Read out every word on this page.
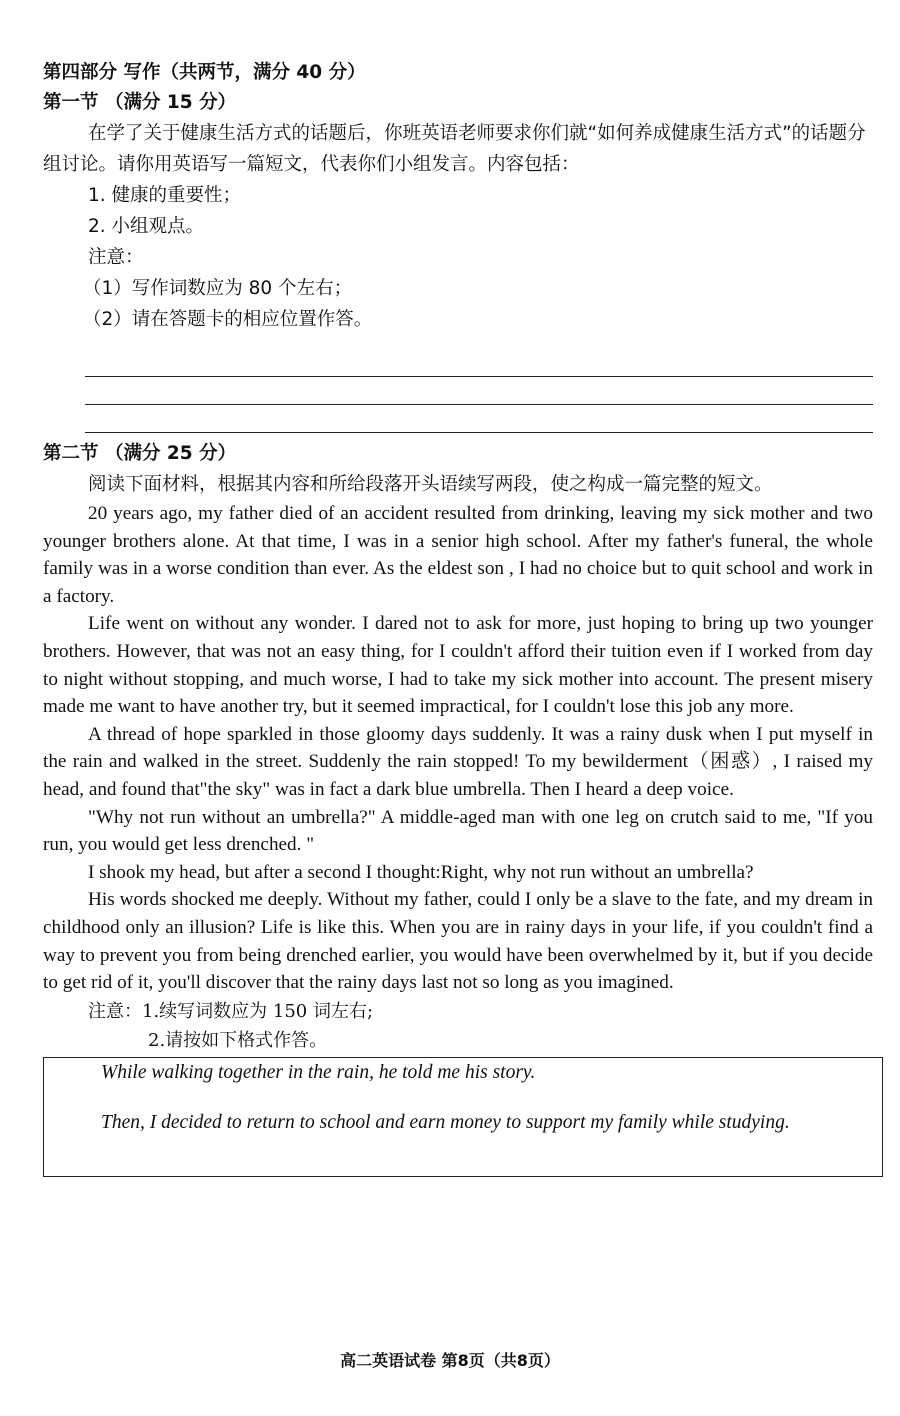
第四部分 写作（共两节，满分 40 分）
第一节 （满分 15 分）
在学了关于健康生活方式的话题后，你班英语老师要求你们就“如何养成健康生活方式”的话题分组讨论。请你用英语写一篇短文，代表你们小组发言。内容包括：
1. 健康的重要性；
2. 小组观点。
注意：
（1）写作词数应为 80 个左右；
（2）请在答题卡的相应位置作答。
第二节 （满分 25 分）
阅读下面材料，根据其内容和所给段落开头语续写两段，使之构成一篇完整的短文。
20 years ago, my father died of an accident resulted from drinking, leaving my sick mother and two younger brothers alone. At that time, I was in a senior high school. After my father's funeral, the whole family was in a worse condition than ever. As the eldest son , I had no choice but to quit school and work in a factory.
Life went on without any wonder. I dared not to ask for more, just hoping to bring up two younger brothers. However, that was not an easy thing, for I couldn't afford their tuition even if I worked from day to night without stopping, and much worse, I had to take my sick mother into account. The present misery made me want to have another try, but it seemed impractical, for I couldn't lose this job any more.
A thread of hope sparkled in those gloomy days suddenly. It was a rainy dusk when I put myself in the rain and walked in the street. Suddenly the rain stopped! To my bewilderment（困惑）, I raised my head, and found that"the sky" was in fact a dark blue umbrella. Then I heard a deep voice.
"Why not run without an umbrella?" A middle-aged man with one leg on crutch said to me, "If you run, you would get less drenched. "
I shook my head, but after a second I thought:Right, why not run without an umbrella?
His words shocked me deeply. Without my father, could I only be a slave to the fate, and my dream in childhood only an illusion? Life is like this. When you are in rainy days in your life, if you couldn't find a way to prevent you from being drenched earlier, you would have been overwhelmed by it, but if you decide to get rid of it, you'll discover that the rainy days last not so long as you imagined.
注意：1.续写词数应为 150 词左右;
2.请按如下格式作答。
While walking together in the rain, he told me his story.
Then, I decided to return to school and earn money to support my family while studying.
高二英语试卷 第8页（共8页）
